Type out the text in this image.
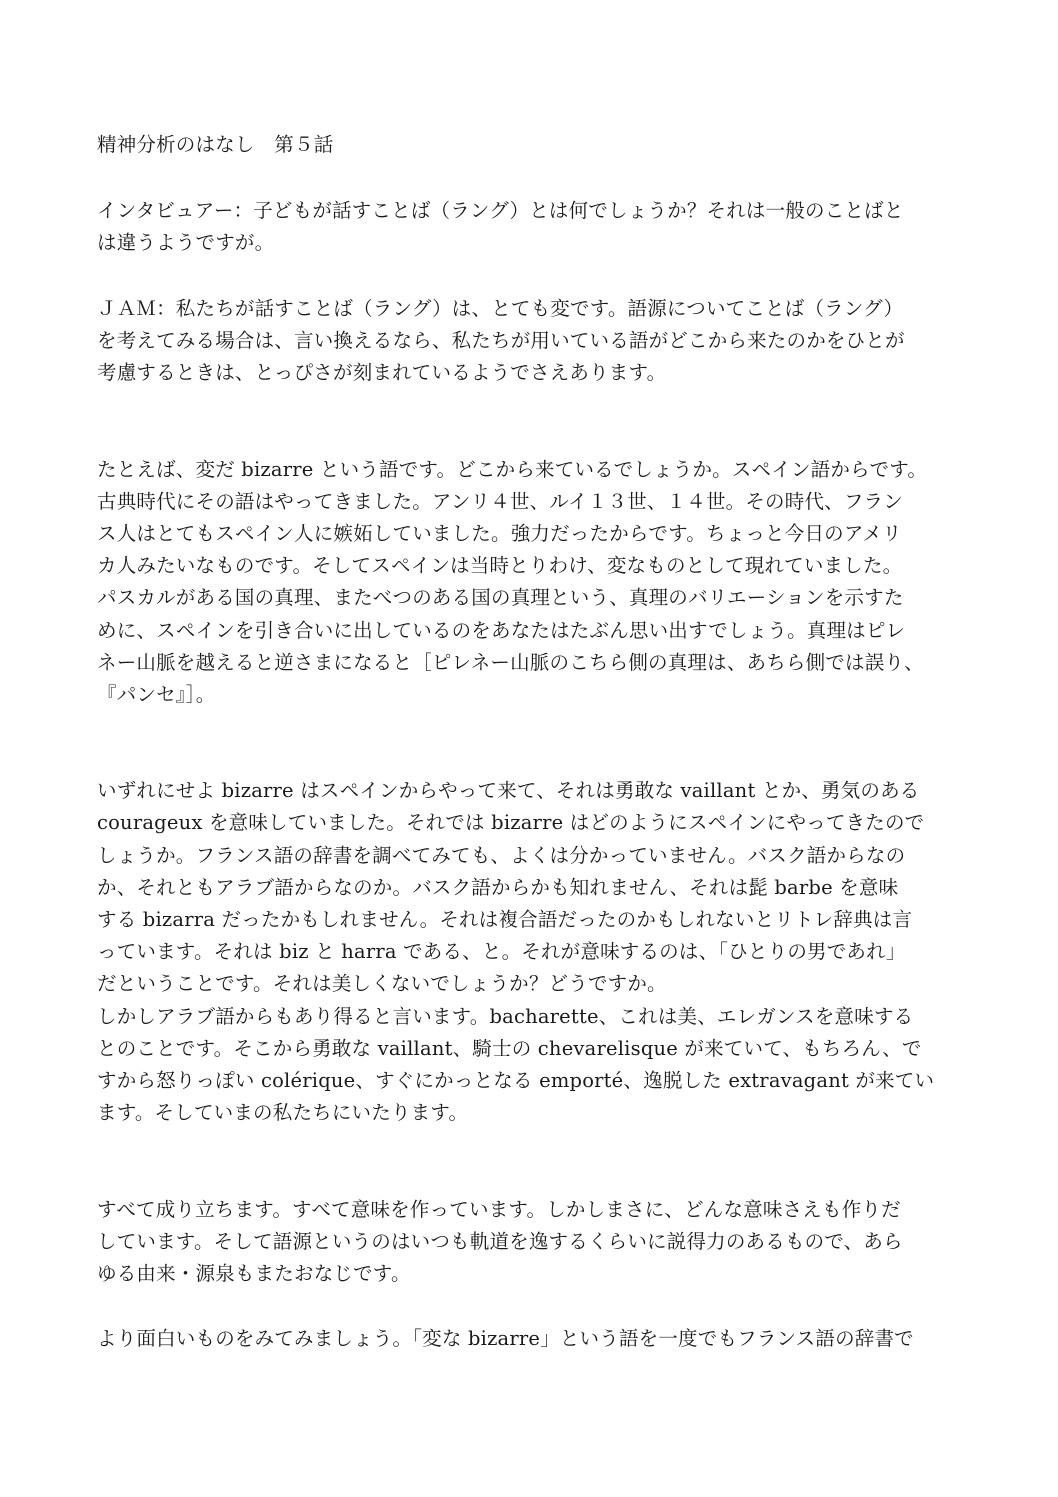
精神分析のはなし　第５話
インタビュアー：子どもが話すことば（ラング）とは何でしょうか？それは一般のことばと
は違うようですが。
ＪＡＭ：私たちが話すことば（ラング）は、とても変です。語源についてことば（ラング）
を考えてみる場合は、言い換えるなら、私たちが用いている語がどこから来たのかをひとが
考慮するときは、とっぴさが刻まれているようでさえあります。
たとえば、変だ bizarre という語です。どこから来ているでしょうか。スペイン語からです。
古典時代にその語はやってきました。アンリ４世、ルイ１３世、１４世。その時代、フラン
ス人はとてもスペイン人に嫉妬していました。強力だったからです。ちょっと今日のアメリ
カ人みたいなものです。そしてスペインは当時とりわけ、変なものとして現れていました。
パスカルがある国の真理、またべつのある国の真理という、真理のバリエーションを示すた
めに、スペインを引き合いに出しているのをあなたはたぶん思い出すでしょう。真理はピレ
ネー山脈を越えると逆さまになると［ピレネー山脈のこちら側の真理は、あちら側では誤り、
『パンセ』］。
いずれにせよ bizarre はスペインからやって来て、それは勇敢な vaillant とか、勇気のある
courageux を意味していました。それでは bizarre はどのようにスペインにやってきたので
しょうか。フランス語の辞書を調べてみても、よくは分かっていません。バスク語からなの
か、それともアラブ語からなのか。バスク語からかも知れません、それは髭 barbe を意味
する bizarra だったかもしれません。それは複合語だったのかもしれないとリトレ辞典は言
っています。それは biz と harra である、と。それが意味するのは、「ひとりの男であれ」
だということです。それは美しくないでしょうか？どうですか。
しかしアラブ語からもあり得ると言います。bacharette、これは美、エレガンスを意味する
とのことです。そこから勇敢な vaillant、騎士の chevarelisque が来ていて、もちろん、で
すから怒りっぽい colérique、すぐにかっとなる emporté、逸脱した extravagant が来てい
ます。そしていまの私たちにいたります。
すべて成り立ちます。すべて意味を作っています。しかしまさに、どんな意味さえも作りだ
しています。そして語源というのはいつも軌道を逸するくらいに説得力のあるもので、あら
ゆる由来・源泉もまたおなじです。
より面白いものをみてみましょう。「変な bizarre」という語を一度でもフランス語の辞書で
